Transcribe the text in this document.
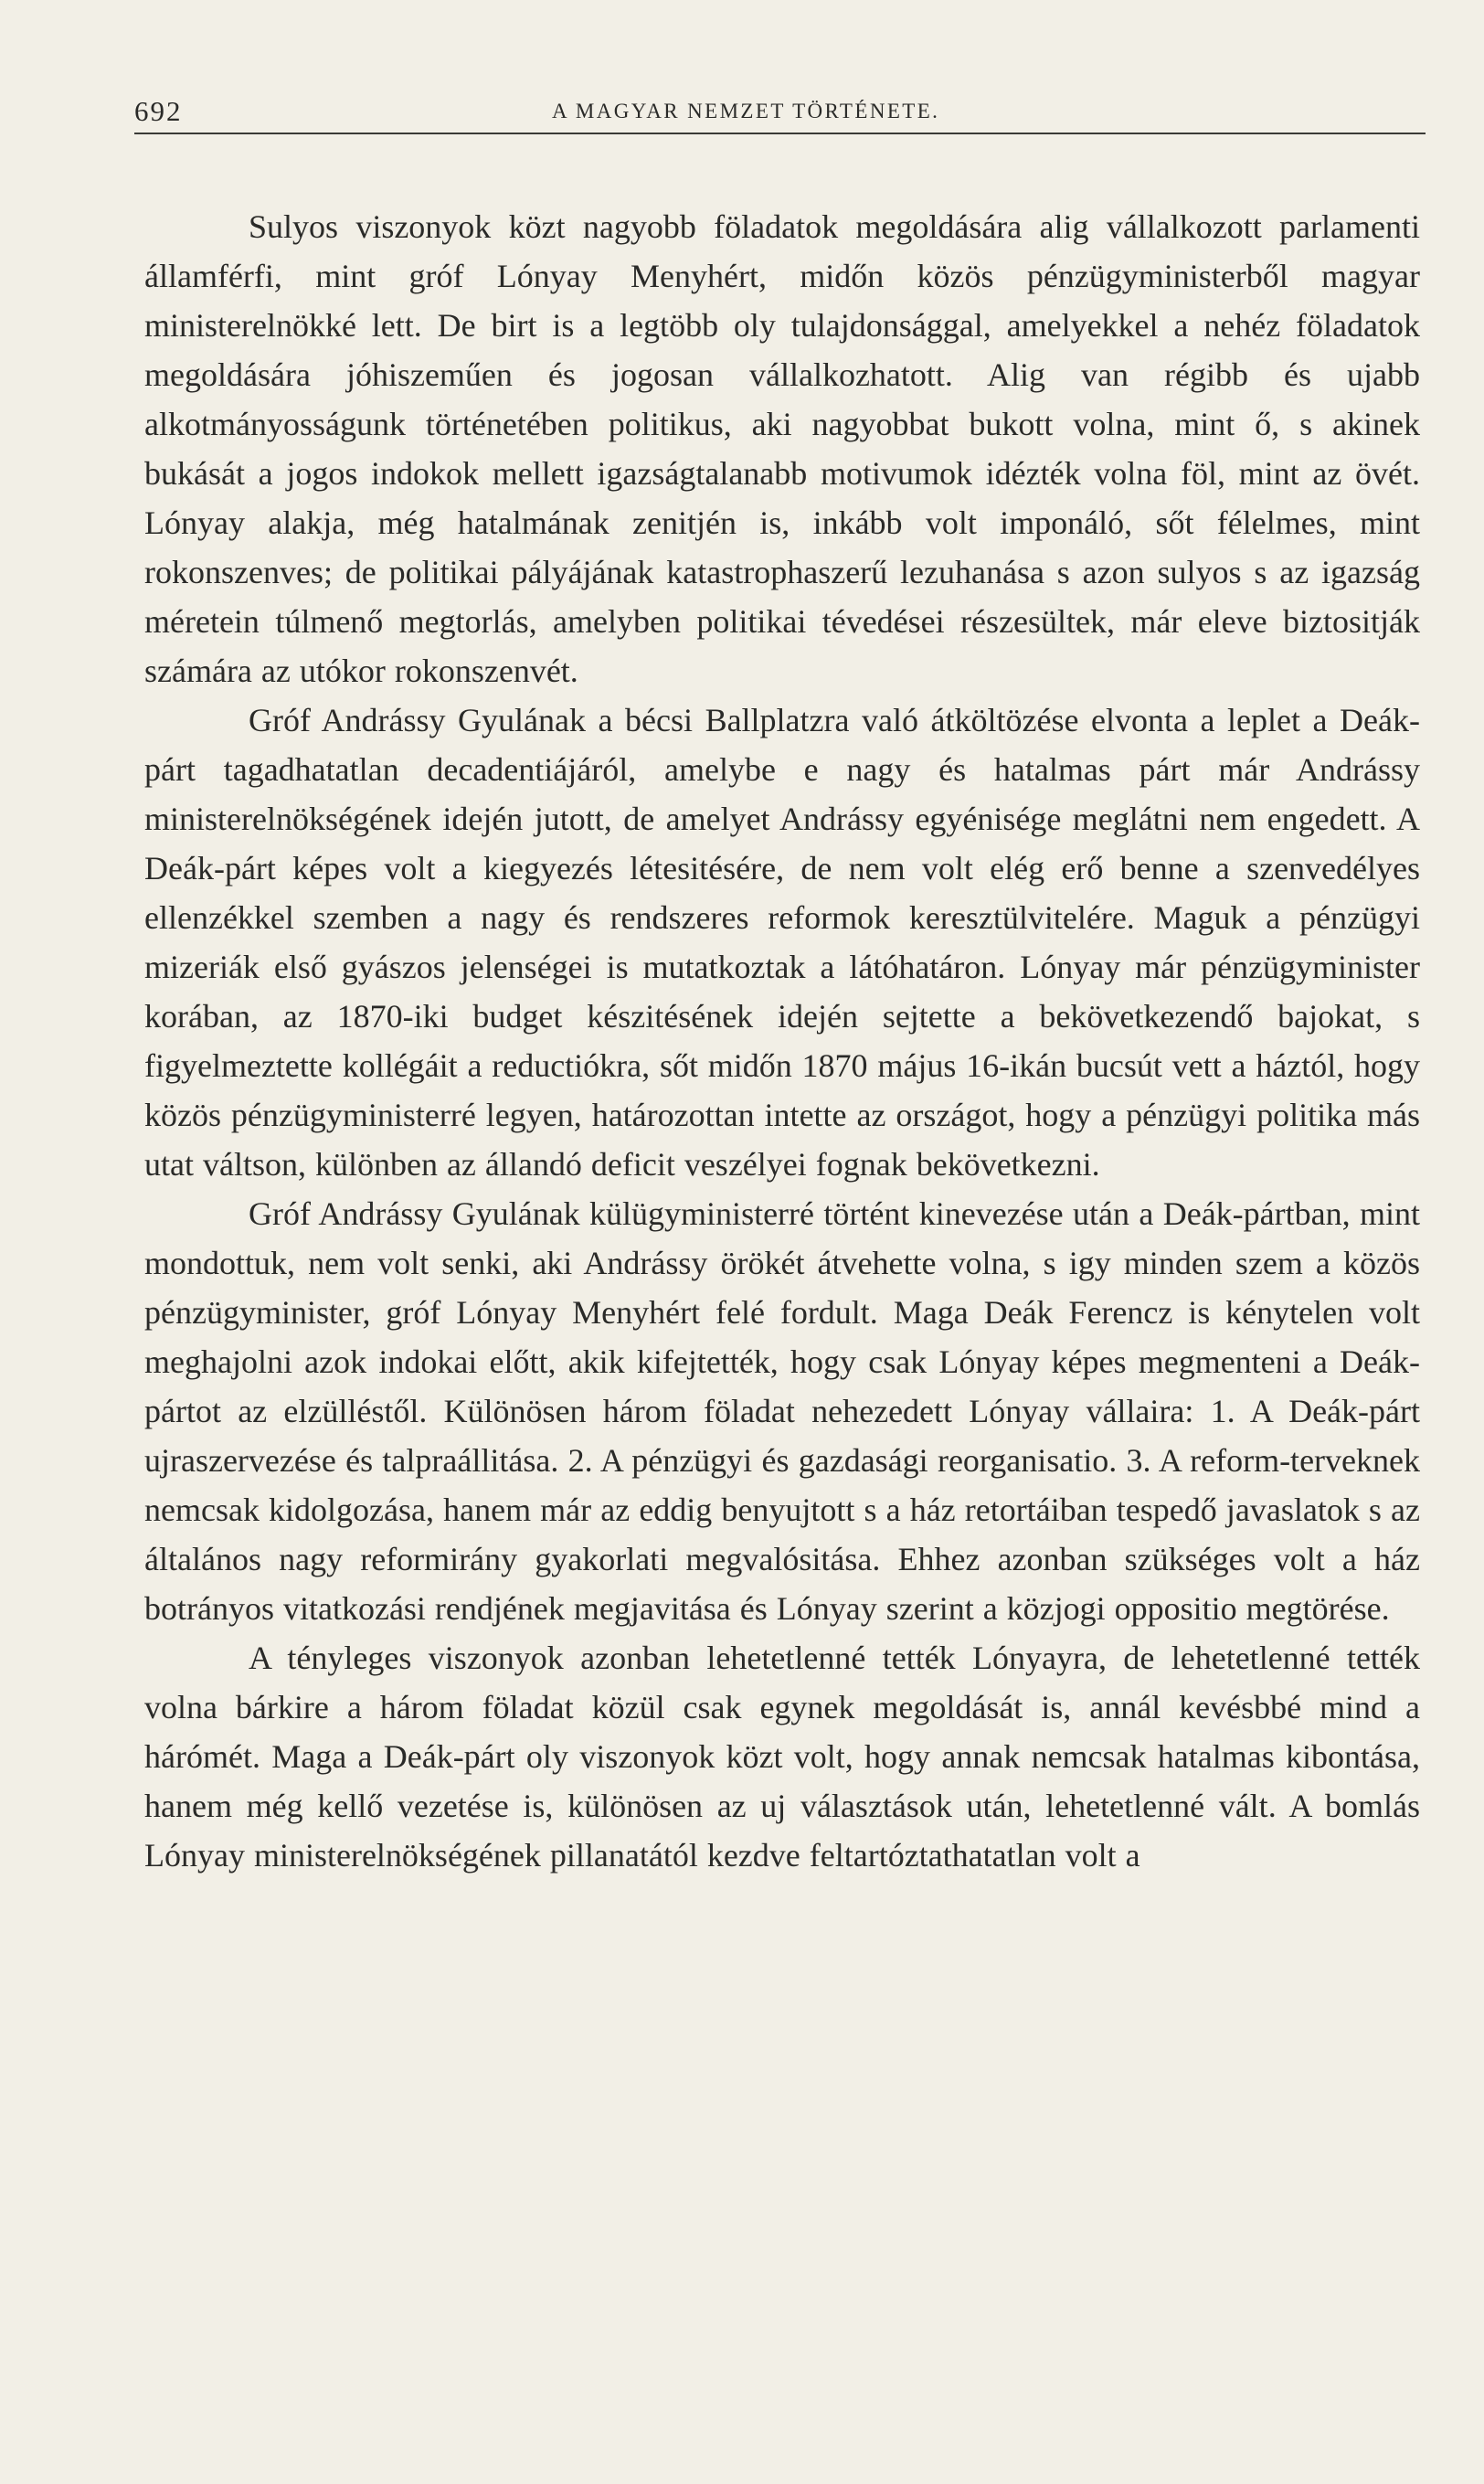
692	A MAGYAR NEMZET TÖRTÉNETE.

Sulyos viszonyok közt nagyobb föladatok megoldására alig vállalkozott parlamenti államférfi, mint gróf Lónyay Menyhért, midőn közös pénzügyministerből magyar ministerelnökké lett. De birt is a legtöbb oly tulajdonsággal, amelyekkel a nehéz föladatok megoldására jóhiszeműen és jogosan vállalkozhatott. Alig van régibb és ujabb alkotmányosságunk történetében politikus, aki nagyobbat bukott volna, mint ő, s akinek bukását a jogos indokok mellett igazságtalanabb motivumok idézték volna föl, mint az övét. Lónyay alakja, még hatalmának zenitjén is, inkább volt imponáló, sőt félelmes, mint rokonszenves; de politikai pályájának katastrophaszerű lezuhanása s azon sulyos s az igazság méretein túlmenő megtorlás, amelyben politikai tévedései részesültek, már eleve biztositják számára az utókor rokonszenvét.

Gróf Andrássy Gyulának a bécsi Ballplatzra való átköltözése elvonta a leplet a Deák-párt tagadhatatlan decadentiájáról, amelybe e nagy és hatalmas párt már Andrássy ministerelnökségének idején jutott, de amelyet Andrássy egyénisége meglátni nem engedett. A Deák-párt képes volt a kiegyezés létesitésére, de nem volt elég erő benne a szenvedélyes ellenzékkel szemben a nagy és rendszeres reformok keresztülvitelére. Maguk a pénzügyi mizeriák első gyászos jelenségei is mutatkoztak a látóhatáron. Lónyay már pénzügyminister korában, az 1870-iki budget készitésének idején sejtette a bekövetkezendő bajokat, s figyelmeztette kollégáit a reductiókra, sőt midőn 1870 május 16-ikán bucsút vett a háztól, hogy közös pénzügyministerré legyen, határozottan intette az országot, hogy a pénzügyi politika más utat váltson, különben az állandó deficit veszélyei fognak bekövetkezni.

Gróf Andrássy Gyulának külügyministerré történt kinevezése után a Deák-pártban, mint mondottuk, nem volt senki, aki Andrássy örökét átvehette volna, s igy minden szem a közös pénzügyminister, gróf Lónyay Menyhért felé fordult. Maga Deák Ferencz is kénytelen volt meghajolni azok indokai előtt, akik kifejtették, hogy csak Lónyay képes megmenteni a Deák-pártot az elzülléstől. Különösen három föladat nehezedett Lónyay vállaira: 1. A Deák-párt ujraszervezése és talpraállitása. 2. A pénzügyi és gazdasági reorganisatio. 3. A reform-terveknek nemcsak kidolgozása, hanem már az eddig benyujtott s a ház retortáiban tespedő javaslatok s az általános nagy reformirány gyakorlati megvalósitása. Ehhez azonban szükséges volt a ház botrányos vitatkozási rendjének megjavitása és Lónyay szerint a közjogi oppositio megtörése.

A tényleges viszonyok azonban lehetetlenné tették Lónyayra, de lehetetlenné tették volna bárkire a három föladat közül csak egynek megoldását is, annál kevésbbé mind a hárómét. Maga a Deák-párt oly viszonyok közt volt, hogy annak nemcsak hatalmas kibontása, hanem még kellő vezetése is, különösen az uj választások után, lehetetlenné vált. A bomlás Lónyay ministerelnökségének pillanatától kezdve feltartóztathatatlan volt a
